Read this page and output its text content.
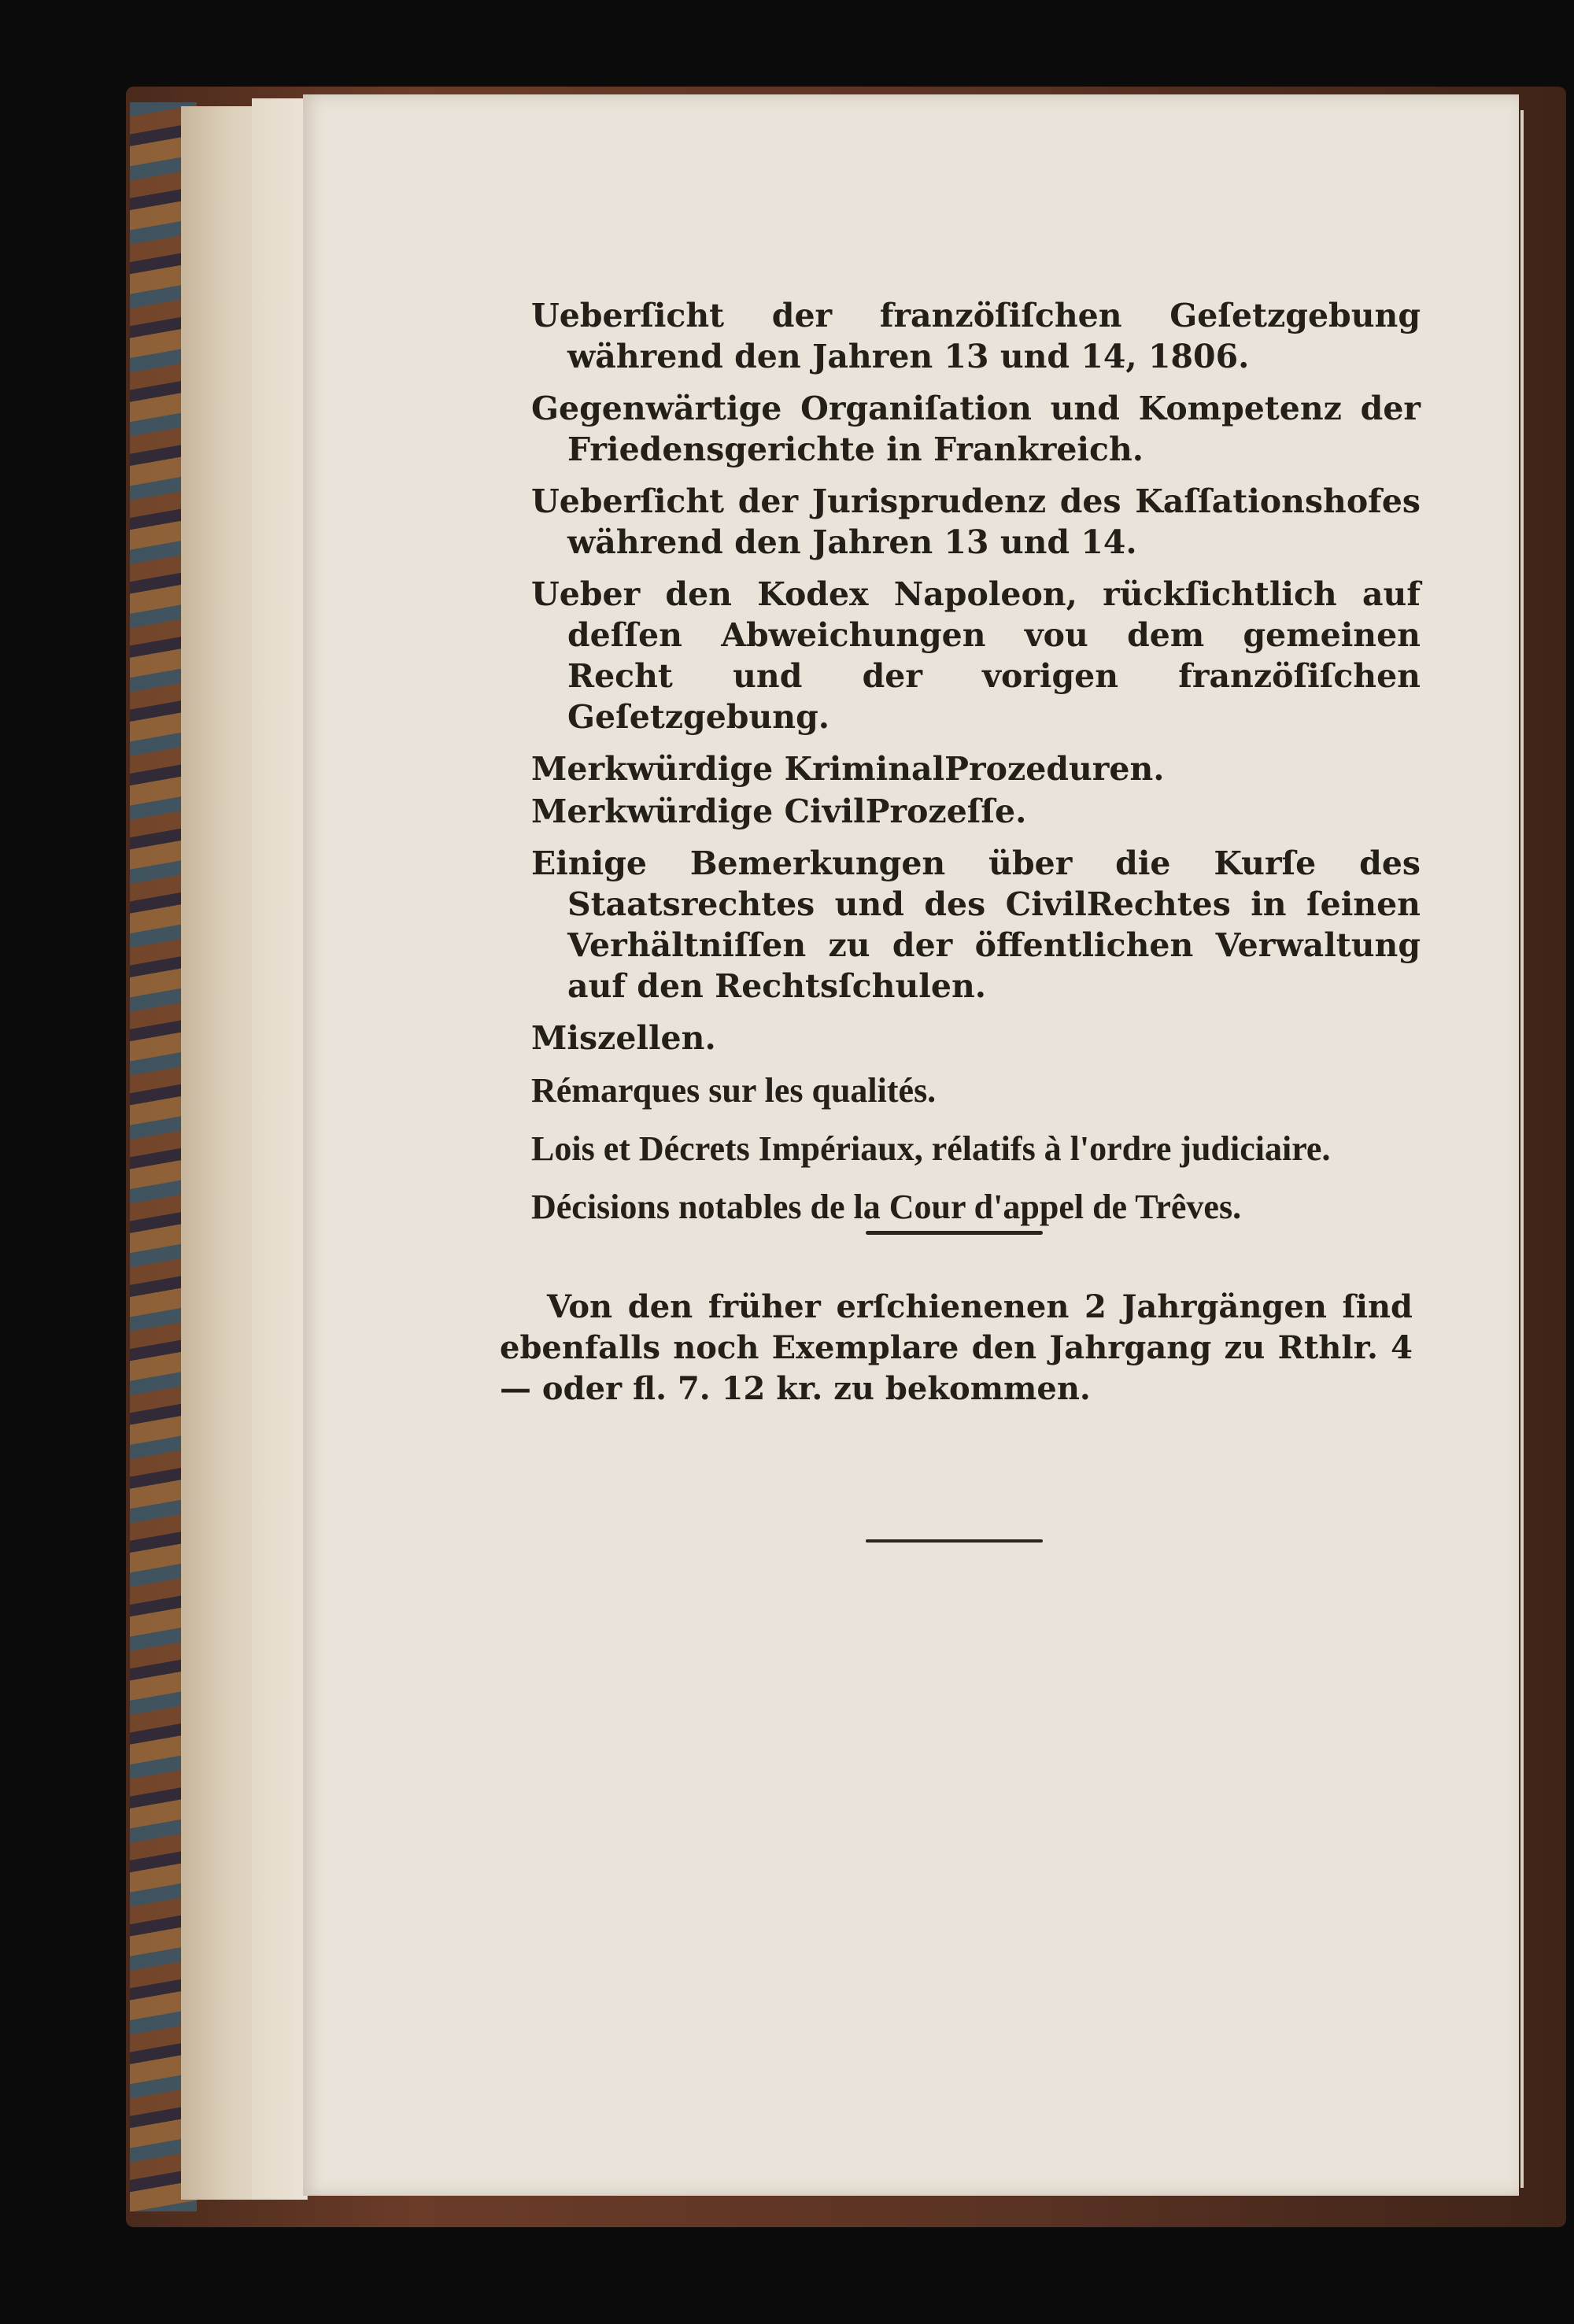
Ueberſicht der franzöſiſchen Geſetzgebung während den Jahren 13 und 14, 1806.
Gegenwärtige Organiſation und Kompetenz der Friedensgerichte in Frankreich.
Ueberſicht der Jurisprudenz des Kaſſationshofes während den Jahren 13 und 14.
Ueber den Kodex Napoleon, rückſichtlich auf deſſen Abweichungen vou dem gemeinen Recht und der vorigen franzöſiſchen Geſetzgebung.
Merkwürdige KriminalProzeduren.
Merkwürdige CivilProzeſſe.
Einige Bemerkungen über die Kurſe des Staatsrechtes und des CivilRechtes in ſeinen Verhältniſſen zu der öffentlichen Verwaltung auf den Rechtsſchulen.
Miszellen.
Rémarques sur les qualités.
Lois et Décrets Impériaux, rélatifs à l'ordre judiciaire.
Décisions notables de la Cour d'appel de Trêves.
Von den früher erſchienenen 2 Jahrgängen ſind ebenfalls noch Exemplare den Jahrgang zu Rthlr. 4 — oder fl. 7. 12 kr. zu bekommen.
